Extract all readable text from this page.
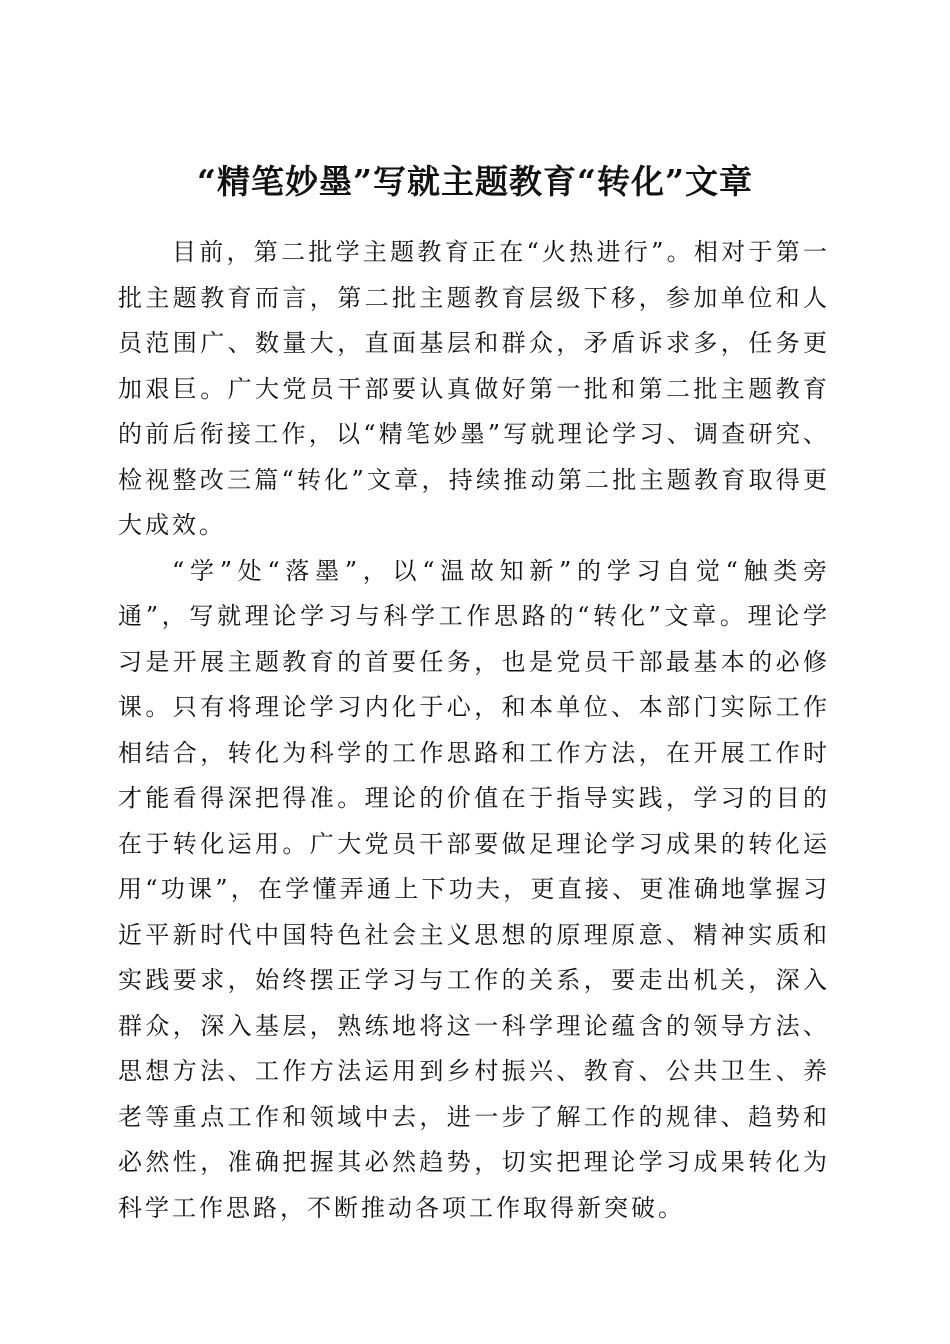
“精笔妙墨”写就主题教育“转化”文章

目前，第二批学主题教育正在“火热进行”。相对于第一批主题教育而言，第二批主题教育层级下移，参加单位和人员范围广、数量大，直面基层和群众，矛盾诉求多，任务更加艰巨。广大党员干部要认真做好第一批和第二批主题教育的前后衔接工作，以“精笔妙墨”写就理论学习、调查研究、检视整改三篇“转化”文章，持续推动第二批主题教育取得更大成效。

“学”处“落墨”，以“温故知新”的学习自觉“触类旁通”，写就理论学习与科学工作思路的“转化”文章。理论学习是开展主题教育的首要任务，也是党员干部最基本的必修课。只有将理论学习内化于心，和本单位、本部门实际工作相结合，转化为科学的工作思路和工作方法，在开展工作时才能看得深把得准。理论的价值在于指导实践，学习的目的在于转化运用。广大党员干部要做足理论学习成果的转化运用“功课”，在学懂弄通上下功夫，更直接、更准确地掌握习近平新时代中国特色社会主义思想的原理原意、精神实质和实践要求，始终摆正学习与工作的关系，要走出机关，深入群众，深入基层，熟练地将这一科学理论蕴含的领导方法、思想方法、工作方法运用到乡村振兴、教育、公共卫生、养老等重点工作和领域中去，进一步了解工作的规律、趋势和必然性，准确把握其必然趋势，切实把理论学习成果转化为科学工作思路，不断推动各项工作取得新突破。
